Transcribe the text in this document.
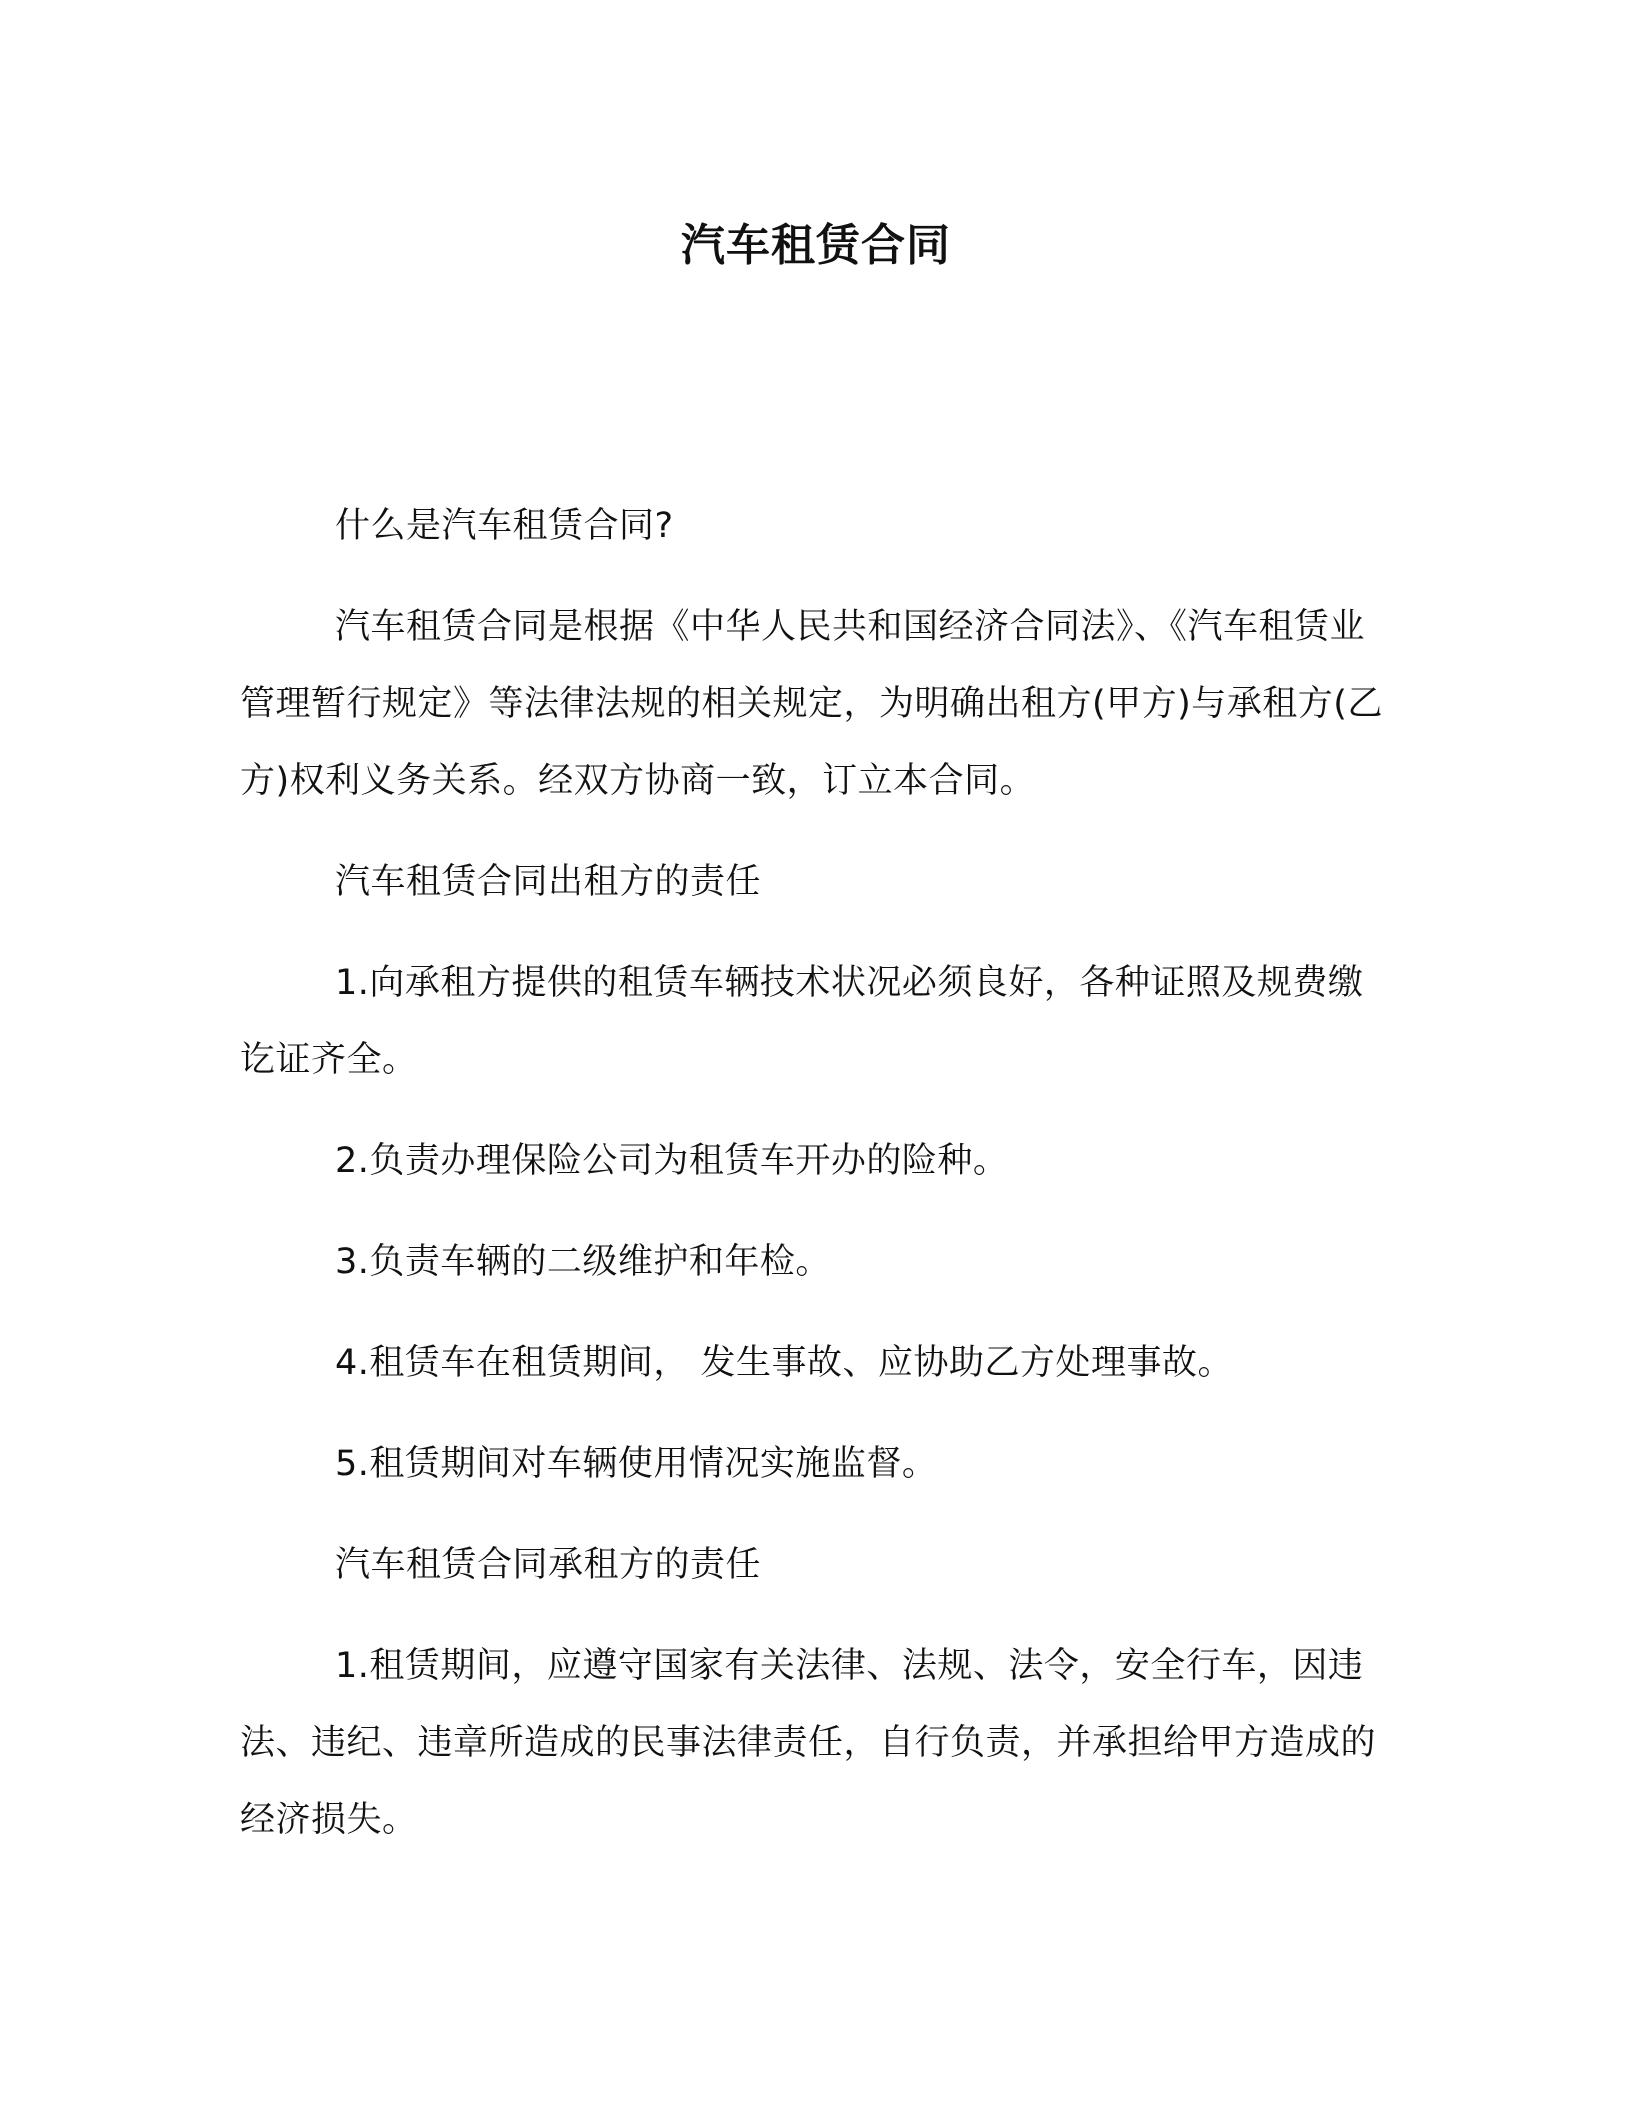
汽车租赁合同

什么是汽车租赁合同?

汽车租赁合同是根据《中华人民共和国经济合同法》、《汽车租赁业管理暂行规定》等法律法规的相关规定，为明确出租方(甲方)与承租方(乙方)权利义务关系。经双方协商一致，订立本合同。

汽车租赁合同出租方的责任

1.向承租方提供的租赁车辆技术状况必须良好，各种证照及规费缴讫证齐全。

2.负责办理保险公司为租赁车开办的险种。

3.负责车辆的二级维护和年检。

4.租赁车在租赁期间， 发生事故、应协助乙方处理事故。

5.租赁期间对车辆使用情况实施监督。

汽车租赁合同承租方的责任

1.租赁期间，应遵守国家有关法律、法规、法令，安全行车，因违法、违纪、违章所造成的民事法律责任，自行负责，并承担给甲方造成的经济损失。
